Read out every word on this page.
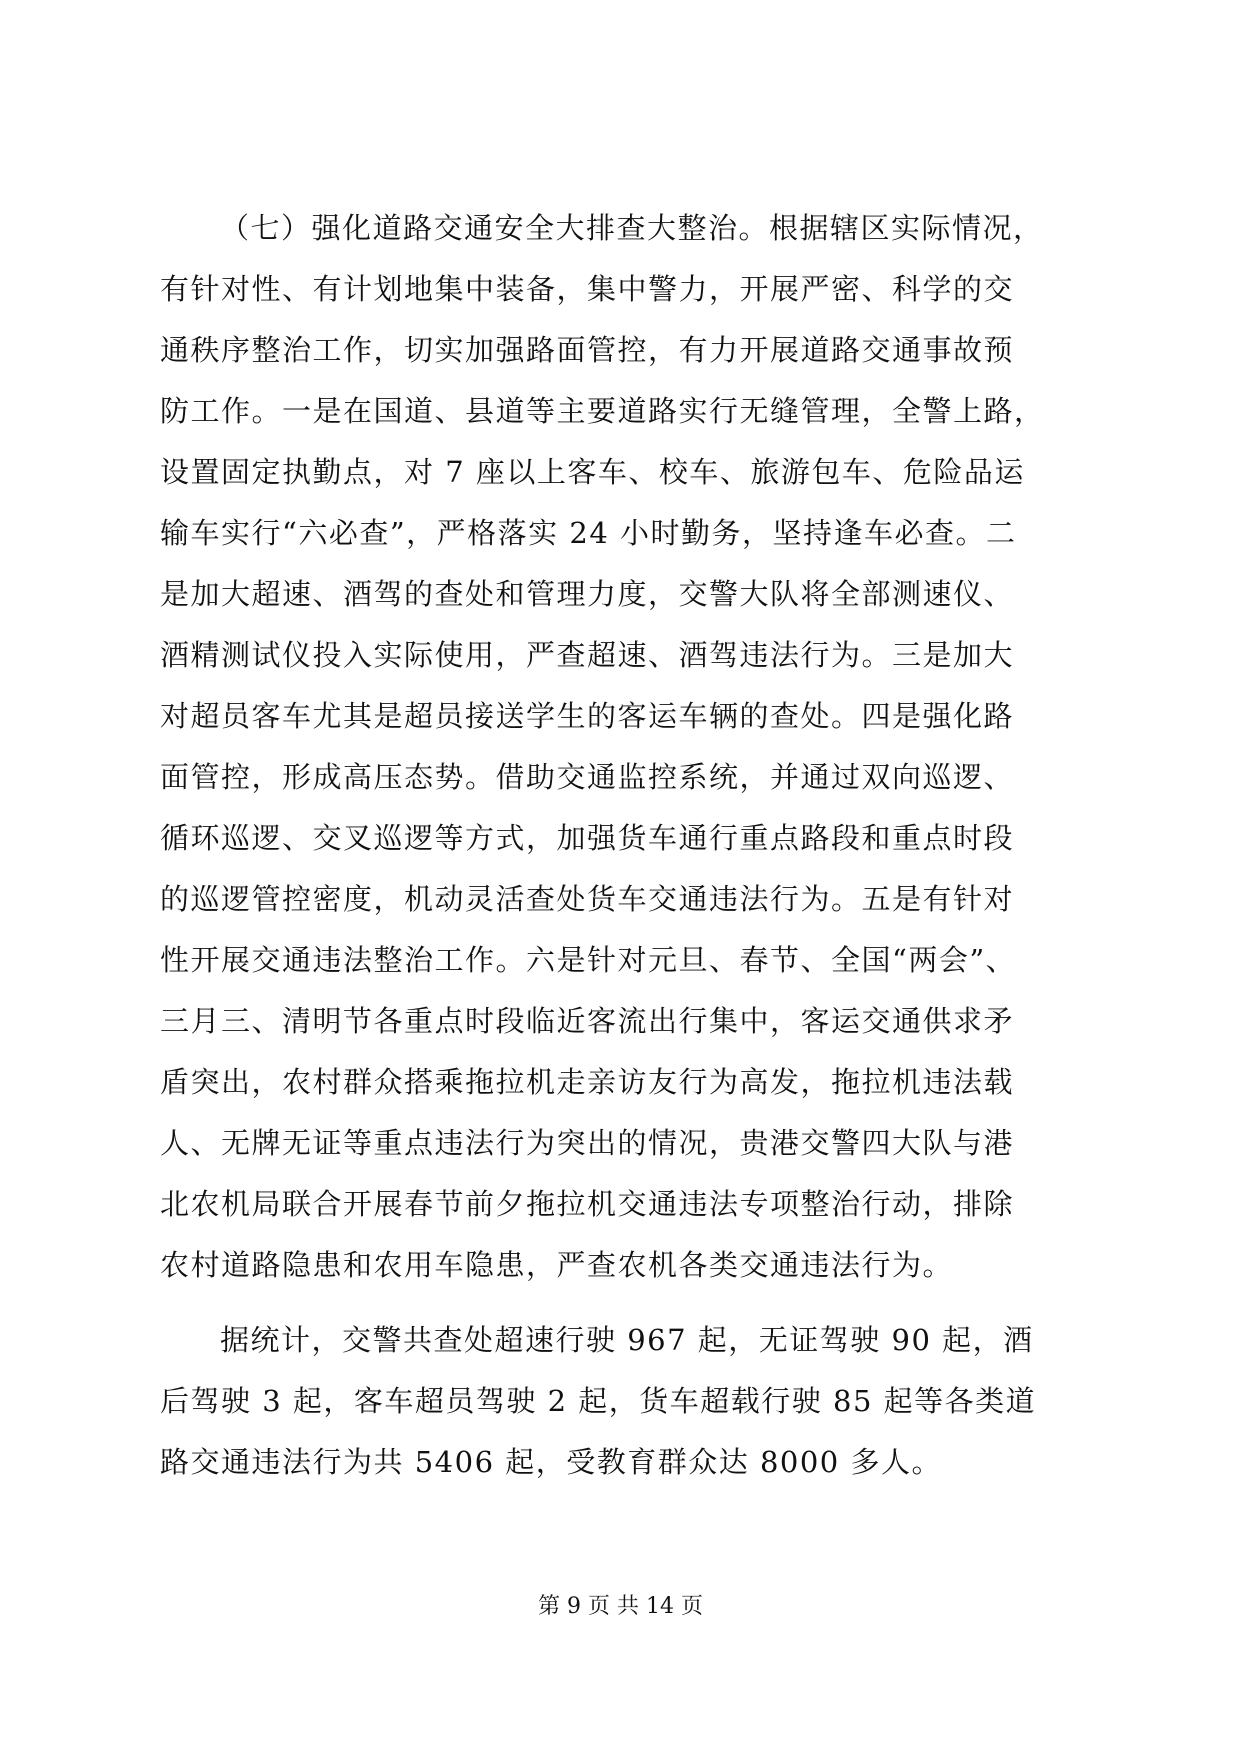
（七）强化道路交通安全大排查大整治。根据辖区实际情况，
有针对性、有计划地集中装备，集中警力，开展严密、科学的交
通秩序整治工作，切实加强路面管控，有力开展道路交通事故预
防工作。一是在国道、县道等主要道路实行无缝管理，全警上路，
设置固定执勤点，对 7 座以上客车、校车、旅游包车、危险品运
输车实行“六必查”，严格落实 24 小时勤务，坚持逢车必查。二
是加大超速、酒驾的查处和管理力度，交警大队将全部测速仪、
酒精测试仪投入实际使用，严查超速、酒驾违法行为。三是加大
对超员客车尤其是超员接送学生的客运车辆的查处。四是强化路
面管控，形成高压态势。借助交通监控系统，并通过双向巡逻、
循环巡逻、交叉巡逻等方式，加强货车通行重点路段和重点时段
的巡逻管控密度，机动灵活查处货车交通违法行为。五是有针对
性开展交通违法整治工作。六是针对元旦、春节、全国“两会”、
三月三、清明节各重点时段临近客流出行集中，客运交通供求矛
盾突出，农村群众搭乘拖拉机走亲访友行为高发，拖拉机违法载
人、无牌无证等重点违法行为突出的情况，贵港交警四大队与港
北农机局联合开展春节前夕拖拉机交通违法专项整治行动，排除
农村道路隐患和农用车隐患，严查农机各类交通违法行为。
据统计，交警共查处超速行驶 967 起，无证驾驶 90 起，酒
后驾驶 3 起，客车超员驾驶 2 起，货车超载行驶 85 起等各类道
路交通违法行为共 5406 起，受教育群众达 8000 多人。
第 9 页 共 14 页
